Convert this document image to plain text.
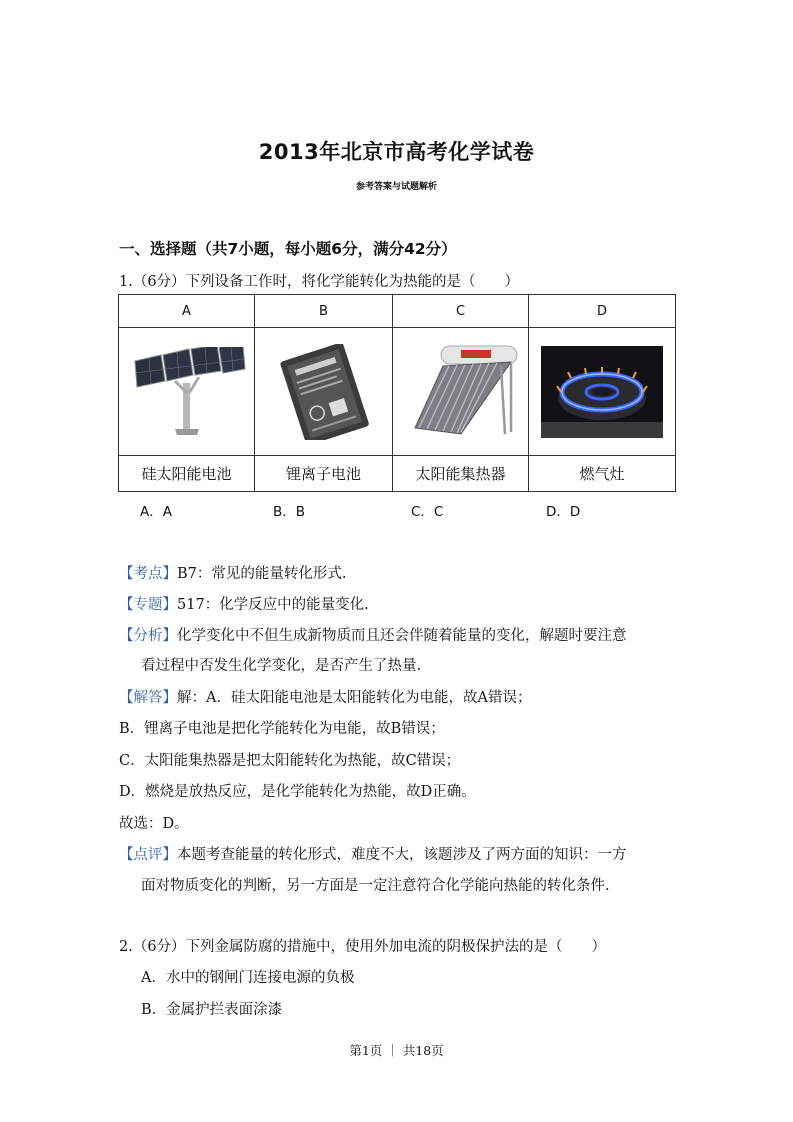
2013年北京市高考化学试卷
参考答案与试题解析
一、选择题（共7小题，每小题6分，满分42分）
1.（6分）下列设备工作时，将化学能转化为热能的是（　　）
A	B	C	D

硅太阳能电池	锂离子电池	太阳能集热器	燃气灶
A．A	B．B	C．C	D．D
【考点】B7：常见的能量转化形式.
【专题】517：化学反应中的能量变化.
【分析】化学变化中不但生成新物质而且还会伴随着能量的变化，解题时要注意
看过程中否发生化学变化，是否产生了热量.
【解答】解：A．硅太阳能电池是太阳能转化为电能，故A错误；
B．锂离子电池是把化学能转化为电能，故B错误；
C．太阳能集热器是把太阳能转化为热能，故C错误；
D．燃烧是放热反应，是化学能转化为热能，故D正确。
故选：D。
【点评】本题考查能量的转化形式，难度不大，该题涉及了两方面的知识：一方
面对物质变化的判断，另一方面是一定注意符合化学能向热能的转化条件.
2.（6分）下列金属防腐的措施中，使用外加电流的阴极保护法的是（　　）
A．水中的钢闸门连接电源的负极
B．金属护拦表面涂漆
第1页 ｜ 共18页
